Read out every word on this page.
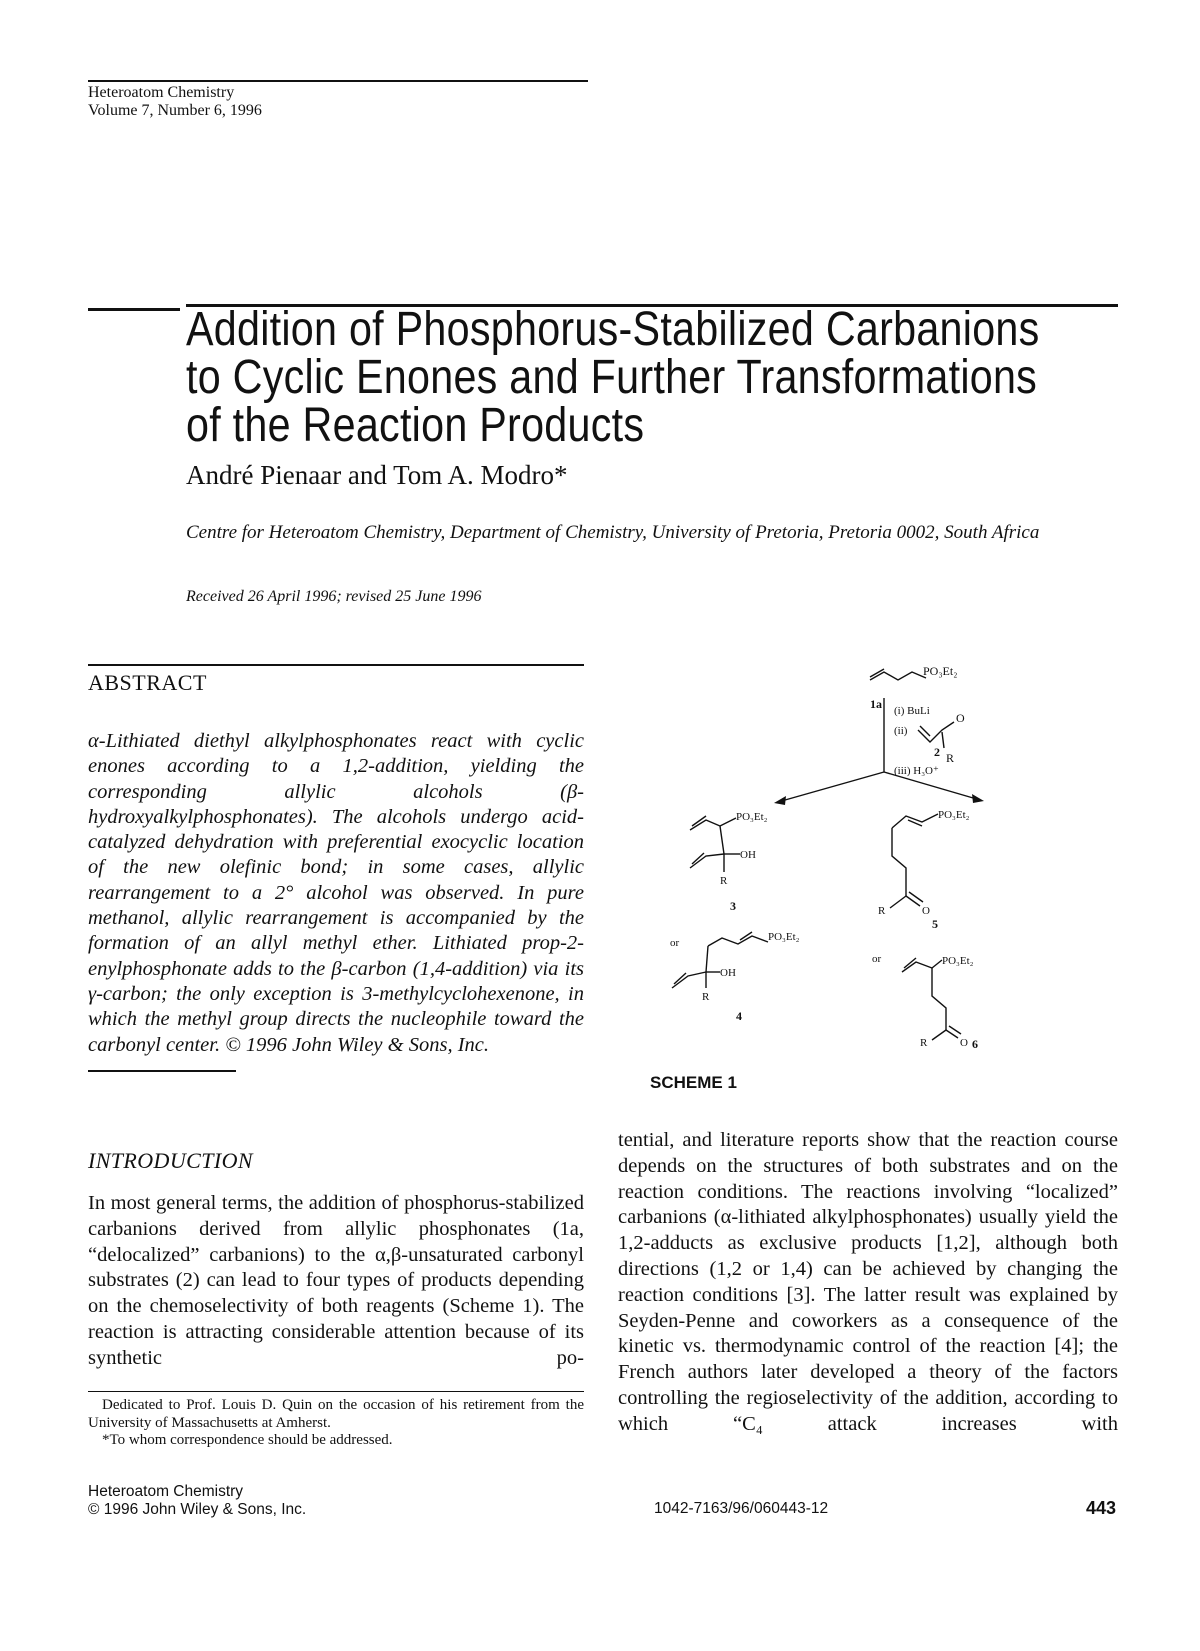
Heteroatom Chemistry
Volume 7, Number 6, 1996
Addition of Phosphorus-Stabilized Carbanions
to Cyclic Enones and Further Transformations
of the Reaction Products
André Pienaar and Tom A. Modro*
Centre for Heteroatom Chemistry, Department of Chemistry, University of Pretoria, Pretoria 0002, South Africa
Received 26 April 1996; revised 25 June 1996
ABSTRACT
α-Lithiated diethyl alkylphosphonates react with cyclic enones according to a 1,2-addition, yielding the corresponding allylic alcohols (β-hydroxyalkylphosphonates). The alcohols undergo acid-catalyzed dehydration with preferential exocyclic location of the new olefinic bond; in some cases, allylic rearrangement to a 2° alcohol was observed. In pure methanol, allylic rearrangement is accompanied by the formation of an allyl methyl ether. Lithiated prop-2-enylphosphonate adds to the β-carbon (1,4-addition) via its γ-carbon; the only exception is 3-methylcyclohexenone, in which the methyl group directs the nucleophile toward the carbonyl center. © 1996 John Wiley & Sons, Inc.
PO₃Et₂
1a (i) BuLi
(ii)
O
2 R
(iii) H₃O⁺
PO₃Et₂
OH
R
3
or	PO₃Et₂
OH
R
4
PO₃Et₂
R	O
5
or	PO₃Et₂
R	O 6
SCHEME 1
INTRODUCTION
In most general terms, the addition of phosphorus-stabilized carbanions derived from allylic phosphonates (1a, “delocalized” carbanions) to the α,β-unsaturated carbonyl substrates (2) can lead to four types of products depending on the chemoselectivity of both reagents (Scheme 1). The reaction is attracting considerable attention because of its synthetic po-
tential, and literature reports show that the reaction course depends on the structures of both substrates and on the reaction conditions. The reactions involving “localized” carbanions (α-lithiated alkylphosphonates) usually yield the 1,2-adducts as exclusive products [1,2], although both directions (1,2 or 1,4) can be achieved by changing the reaction conditions [3]. The latter result was explained by Seyden-Penne and coworkers as a consequence of the kinetic vs. thermodynamic control of the reaction [4]; the French authors later developed a theory of the factors controlling the regioselectivity of the addition, according to which “C₄ attack increases with

Dedicated to Prof. Louis D. Quin on the occasion of his retirement from the University of Massachusetts at Amherst.

*To whom correspondence should be addressed.

Heteroatom Chemistry
© 1996 John Wiley & Sons, Inc.	1042-7163/96/060443-12	443
